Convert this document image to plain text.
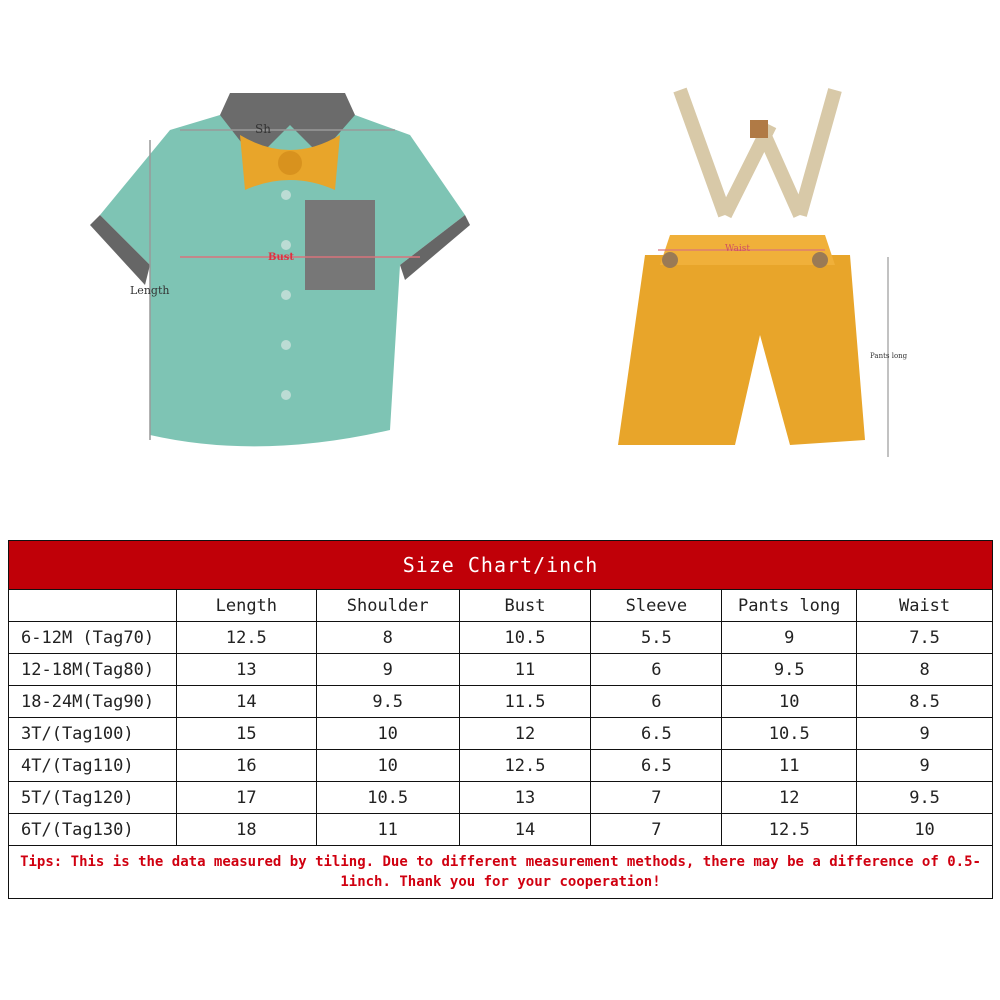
Sh
Bust
Length
Waist
Pants long
Size Chart/inch						
	Length	Shoulder	Bust	Sleeve	Pants long	Waist
6-12M (Tag70)	12.5	8	10.5	5.5	9	7.5
12-18M(Tag80)	13	9	11	6	9.5	8
18-24M(Tag90)	14	9.5	11.5	6	10	8.5
3T/(Tag100)	15	10	12	6.5	10.5	9
4T/(Tag110)	16	10	12.5	6.5	11	9
5T/(Tag120)	17	10.5	13	7	12	9.5
6T/(Tag130)	18	11	14	7	12.5	10
Tips: This is the data measured by tiling. Due to different measurement methods, there may be a difference of 0.5-1inch. Thank you for your cooperation!						
